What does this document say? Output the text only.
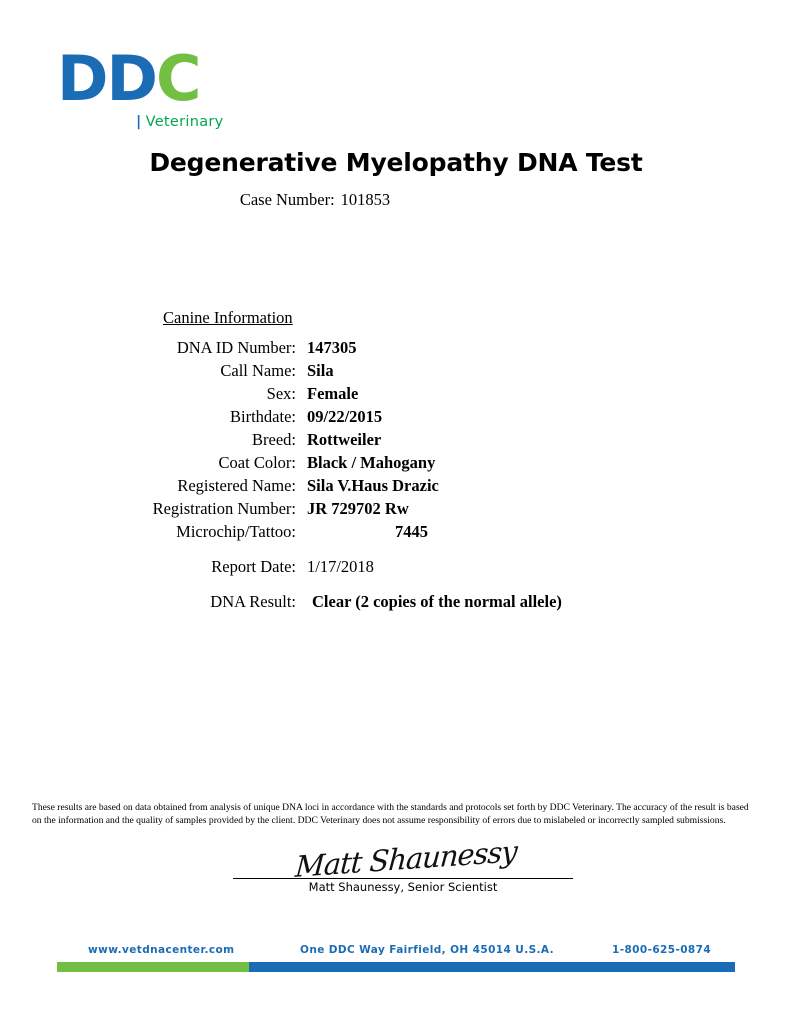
DDC
| Veterinary
Degenerative Myelopathy DNA Test
Case Number: 101853
Canine Information
DNA ID Number:	147305
Call Name:	Sila
Sex:	Female
Birthdate:	09/22/2015
Breed:	Rottweiler
Coat Color:	Black / Mahogany
Registered Name:	Sila V.Haus Drazic
Registration Number:	JR 729702 Rw
Microchip/Tattoo:	7445

Report Date:	1/17/2018

DNA Result:	Clear (2 copies of the normal allele)
These results are based on data obtained from analysis of unique DNA loci in accordance with the standards and protocols set forth by DDC Veterinary. The accuracy of the result is based on the information and the quality of samples provided by the client. DDC Veterinary does not assume responsibility of errors due to mislabeled or incorrectly sampled submissions.
Matt Shaunessy
Matt Shaunessy, Senior Scientist
www.vetdnacenter.com	One DDC Way Fairfield, OH 45014 U.S.A.	1-800-625-0874
